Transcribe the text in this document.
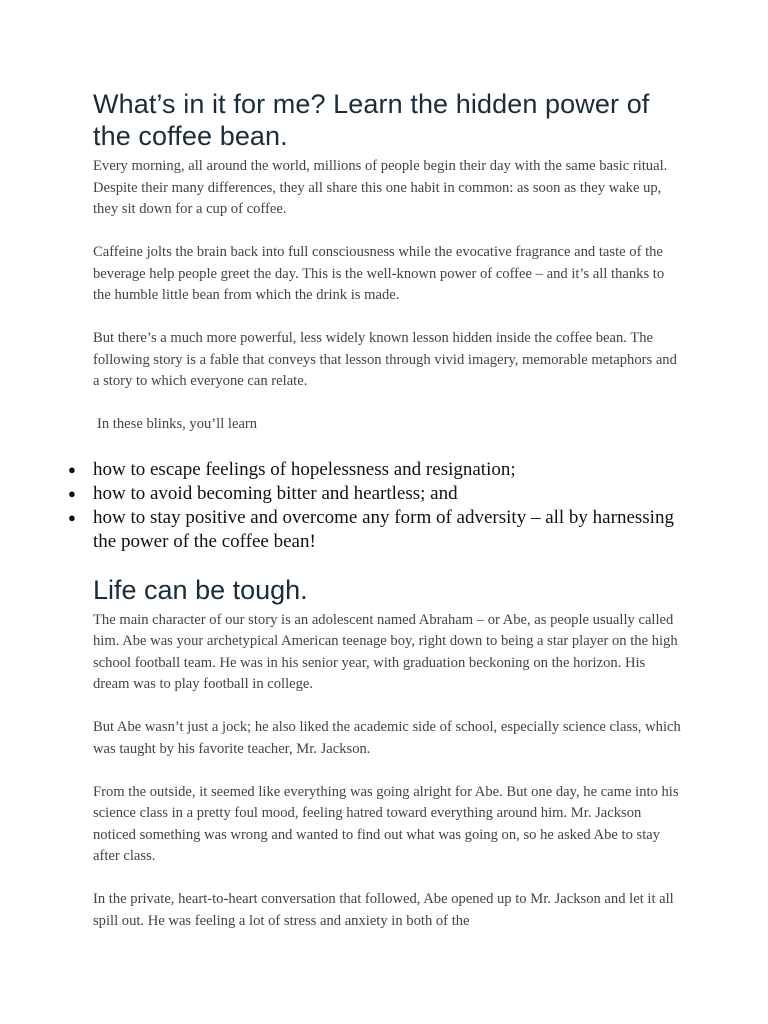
What’s in it for me? Learn the hidden power of the coffee bean.

Every morning, all around the world, millions of people begin their day with the same basic ritual. Despite their many differences, they all share this one habit in common: as soon as they wake up, they sit down for a cup of coffee.

Caffeine jolts the brain back into full consciousness while the evocative fragrance and taste of the beverage help people greet the day. This is the well-known power of coffee – and it’s all thanks to the humble little bean from which the drink is made.

But there’s a much more powerful, less widely known lesson hidden inside the coffee bean. The following story is a fable that conveys that lesson through vivid imagery, memorable metaphors and a story to which everyone can relate.

In these blinks, you’ll learn

● how to escape feelings of hopelessness and resignation;
● how to avoid becoming bitter and heartless; and
● how to stay positive and overcome any form of adversity – all by harnessing the power of the coffee bean!
Life can be tough.

The main character of our story is an adolescent named Abraham – or Abe, as people usually called him. Abe was your archetypical American teenage boy, right down to being a star player on the high school football team. He was in his senior year, with graduation beckoning on the horizon. His dream was to play football in college.

But Abe wasn’t just a jock; he also liked the academic side of school, especially science class, which was taught by his favorite teacher, Mr. Jackson.

From the outside, it seemed like everything was going alright for Abe. But one day, he came into his science class in a pretty foul mood, feeling hatred toward everything around him. Mr. Jackson noticed something was wrong and wanted to find out what was going on, so he asked Abe to stay after class.

In the private, heart-to-heart conversation that followed, Abe opened up to Mr. Jackson and let it all spill out. He was feeling a lot of stress and anxiety in both of the
